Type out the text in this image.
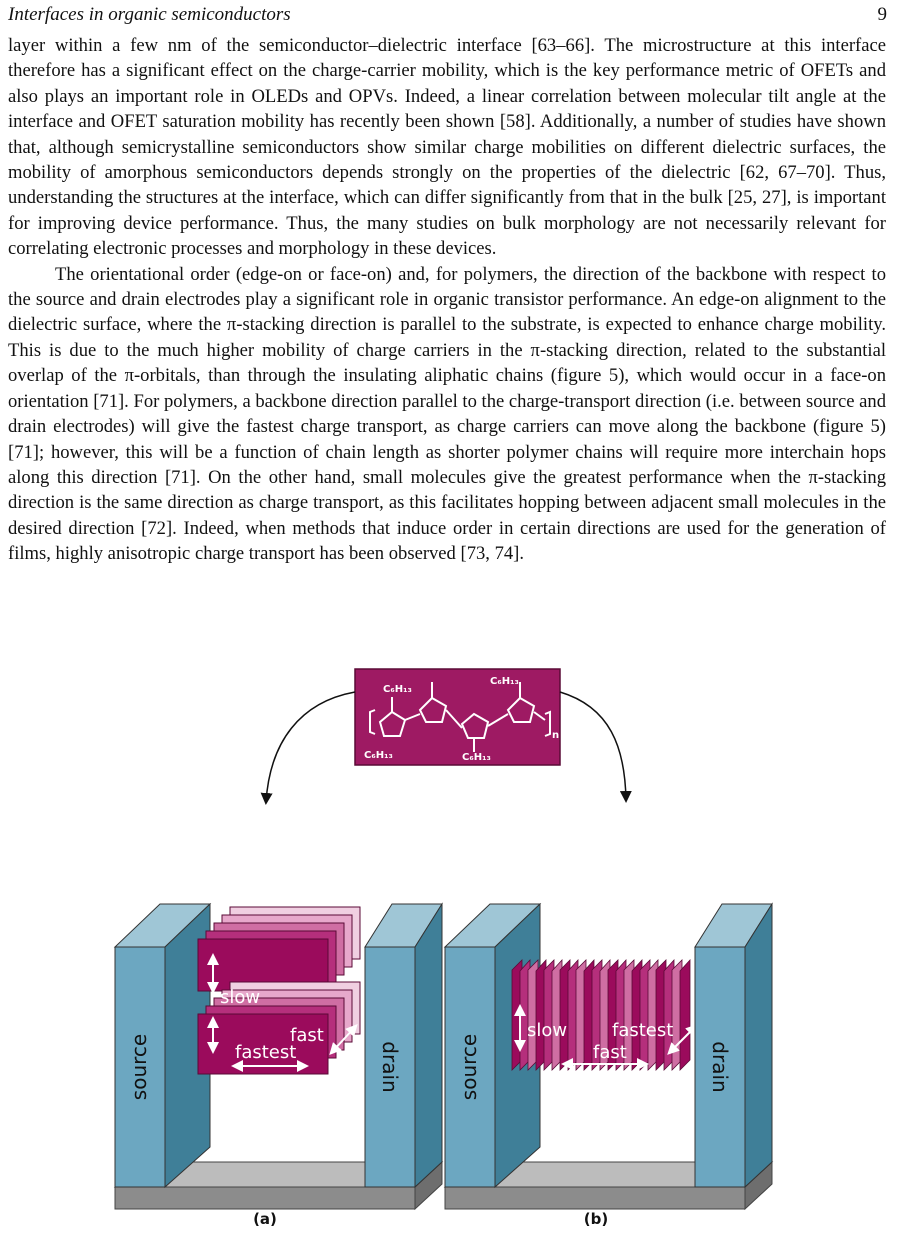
Interfaces in organic semiconductors	9

layer within a few nm of the semiconductor–dielectric interface [63–66]. The microstructure at this interface therefore has a significant effect on the charge-carrier mobility, which is the key performance metric of OFETs and also plays an important role in OLEDs and OPVs. Indeed, a linear correlation between molecular tilt angle at the interface and OFET saturation mobility has recently been shown [58]. Additionally, a number of studies have shown that, although semicrystalline semiconductors show similar charge mobilities on different dielectric surfaces, the mobility of amorphous semiconductors depends strongly on the properties of the dielectric [62, 67–70]. Thus, understanding the structures at the interface, which can differ significantly from that in the bulk [25, 27], is important for improving device performance. Thus, the many studies on bulk morphology are not necessarily relevant for correlating electronic processes and morphology in these devices.

The orientational order (edge-on or face-on) and, for polymers, the direction of the backbone with respect to the source and drain electrodes play a significant role in organic transistor performance. An edge-on alignment to the dielectric surface, where the π-stacking direction is parallel to the substrate, is expected to enhance charge mobility. This is due to the much higher mobility of charge carriers in the π-stacking direction, related to the substantial overlap of the π-orbitals, than through the insulating aliphatic chains (figure 5), which would occur in a face-on orientation [71]. For polymers, a backbone direction parallel to the charge-transport direction (i.e. between source and drain electrodes) will give the fastest charge transport, as charge carriers can move along the backbone (figure 5) [71]; however, this will be a function of chain length as shorter polymer chains will require more interchain hops along this direction [71]. On the other hand, small molecules give the greatest performance when the π-stacking direction is the same direction as charge transport, as this facilitates hopping between adjacent small molecules in the desired direction [72]. Indeed, when methods that induce order in certain directions are used for the generation of films, highly anisotropic charge transport has been observed [73, 74].

C₆H₁₃
C₆H₁₃
C₆H₁₃	C₆H₁₃
n
source
slow
fastest
fast
drain
(a)
source
slow fastest
fast	drain
(b)
